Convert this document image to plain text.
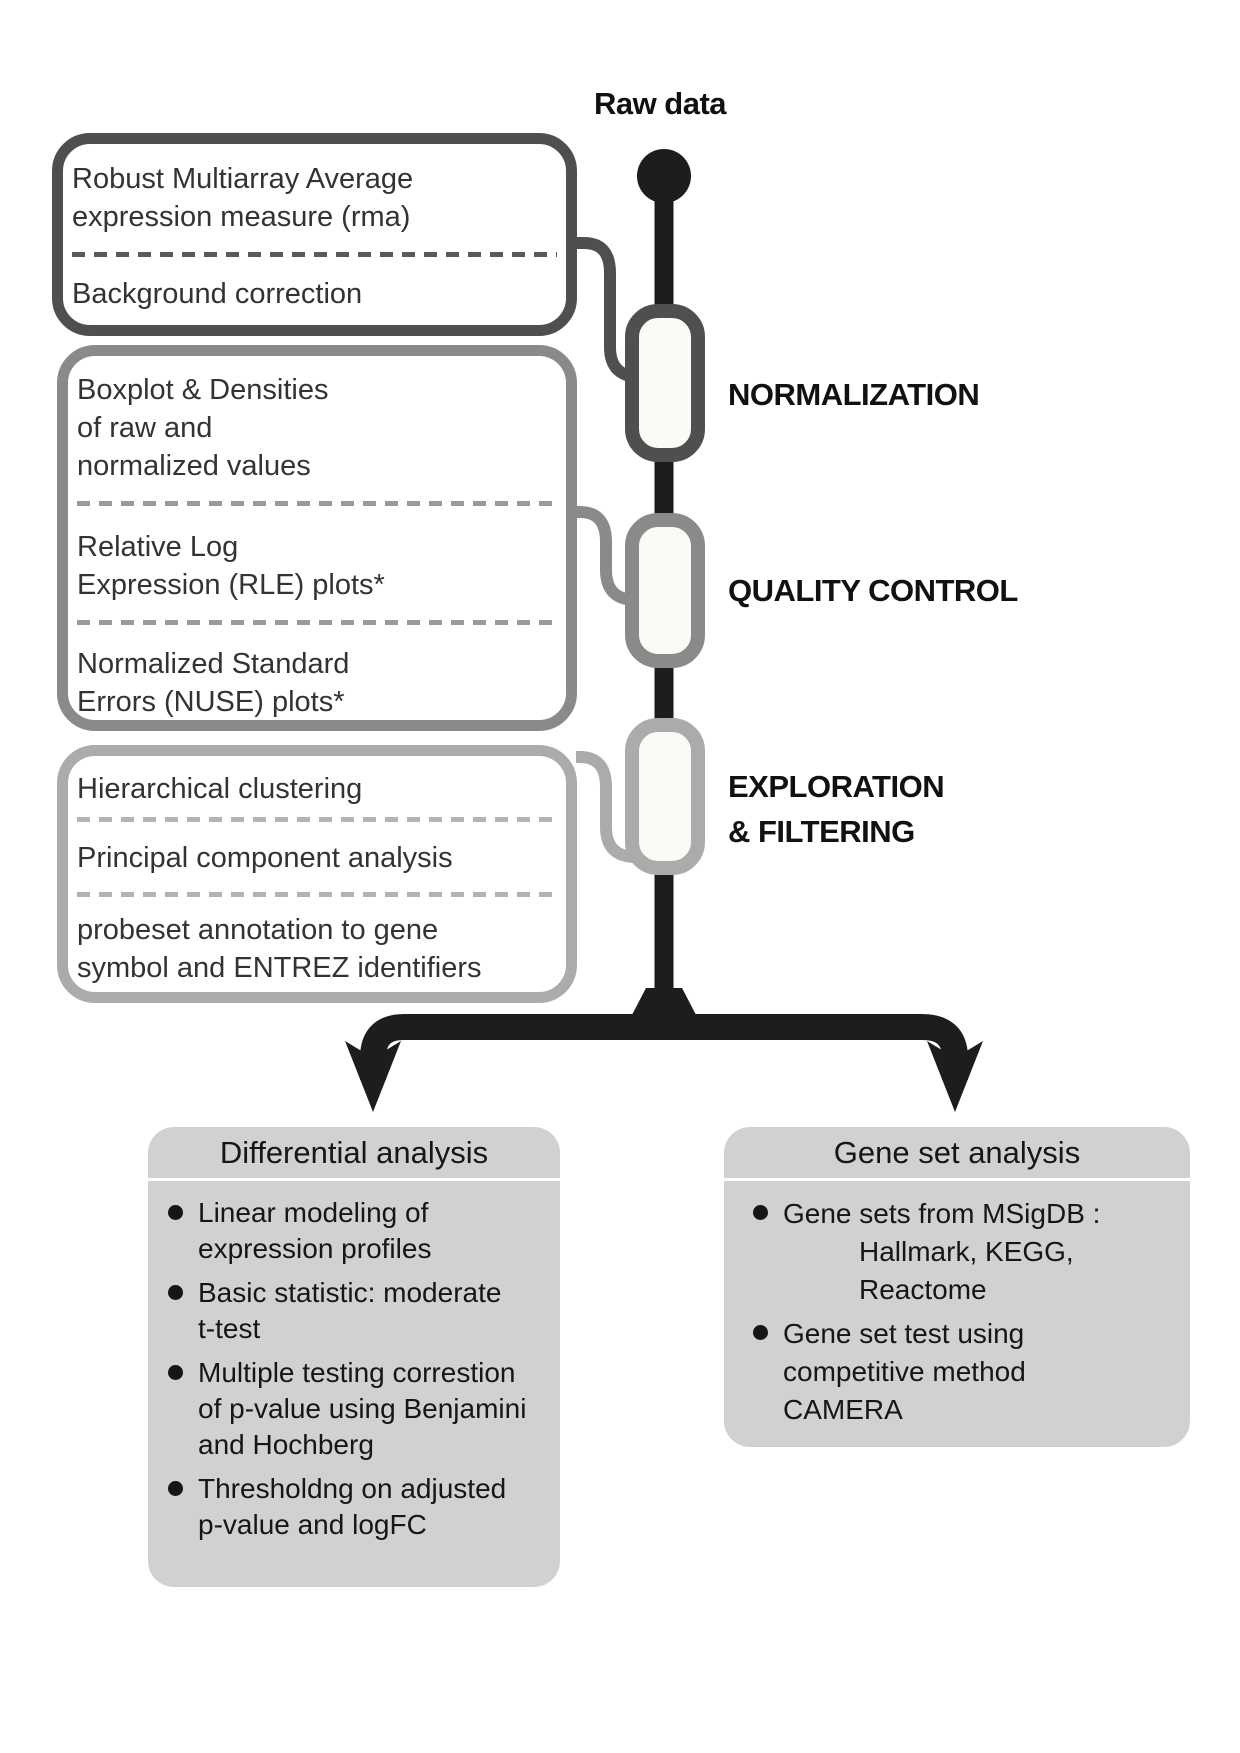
Raw data
NORMALIZATION
QUALITY CONTROL
EXPLORATION
& FILTERING
Robust Multiarray Average
expression measure (rma)
Background correction
Boxplot & Densities
of raw and
normalized values
Relative Log
Expression (RLE) plots*
Normalized Standard
Errors (NUSE) plots*
Hierarchical clustering
Principal component analysis
probeset annotation to gene
symbol and ENTREZ identifiers
Differential analysis
Linear modeling of
expression profiles
Basic statistic: moderate
t-test
Multiple testing correstion
of p-value using Benjamini
and Hochberg
Thresholdng on adjusted
p-value and logFC
Gene set analysis
Gene sets from MSigDB :
Hallmark, KEGG,
Reactome
Gene set test using
competitive method
CAMERA
